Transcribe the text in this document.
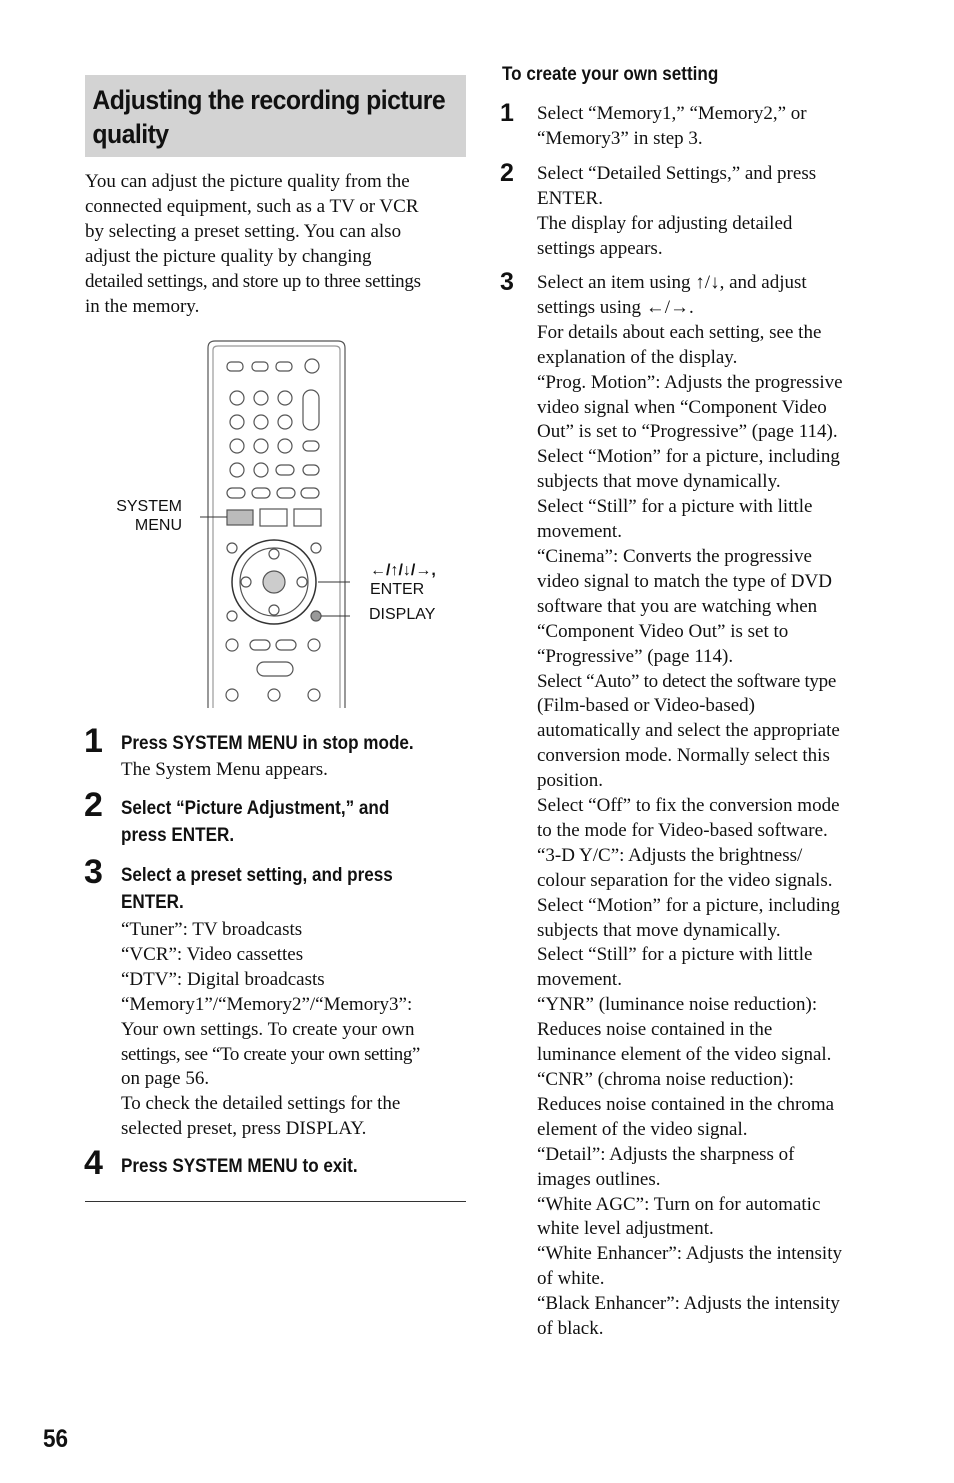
Adjusting the recording picture
quality
You can adjust the picture quality from the
connected equipment, such as a TV or VCR
by selecting a preset setting. You can also
adjust the picture quality by changing
detailed settings, and store up to three settings
in the memory.
SYSTEM
MENU
←/↑/↓/→,
ENTER
DISPLAY
1 Press SYSTEM MENU in stop mode.
The System Menu appears.
2 Select “Picture Adjustment,” and
press ENTER.
3 Select a preset setting, and press
ENTER.
“Tuner”: TV broadcasts
“VCR”: Video cassettes
“DTV”: Digital broadcasts
“Memory1”/“Memory2”/“Memory3”:
Your own settings. To create your own
settings, see “To create your own setting”
on page 56.
To check the detailed settings for the
selected preset, press DISPLAY.
4 Press SYSTEM MENU to exit.
To create your own setting
1 Select “Memory1,” “Memory2,” or
“Memory3” in step 3.
2 Select “Detailed Settings,” and press
ENTER.
The display for adjusting detailed
settings appears.
3 Select an item using ↑/↓, and adjust
settings using ←/→.
For details about each setting, see the
explanation of the display.
“Prog. Motion”: Adjusts the progressive
video signal when “Component Video
Out” is set to “Progressive” (page 114).
Select “Motion” for a picture, including
subjects that move dynamically.
Select “Still” for a picture with little
movement.
“Cinema”: Converts the progressive
video signal to match the type of DVD
software that you are watching when
“Component Video Out” is set to
“Progressive” (page 114).
Select “Auto” to detect the software type
(Film-based or Video-based)
automatically and select the appropriate
conversion mode. Normally select this
position.
Select “Off” to fix the conversion mode
to the mode for Video-based software.
“3-D Y/C”: Adjusts the brightness/
colour separation for the video signals.
Select “Motion” for a picture, including
subjects that move dynamically.
Select “Still” for a picture with little
movement.
“YNR” (luminance noise reduction):
Reduces noise contained in the
luminance element of the video signal.
“CNR” (chroma noise reduction):
Reduces noise contained in the chroma
element of the video signal.
“Detail”: Adjusts the sharpness of
images outlines.
“White AGC”: Turn on for automatic
white level adjustment.
“White Enhancer”: Adjusts the intensity
of white.
“Black Enhancer”: Adjusts the intensity
of black.
56
